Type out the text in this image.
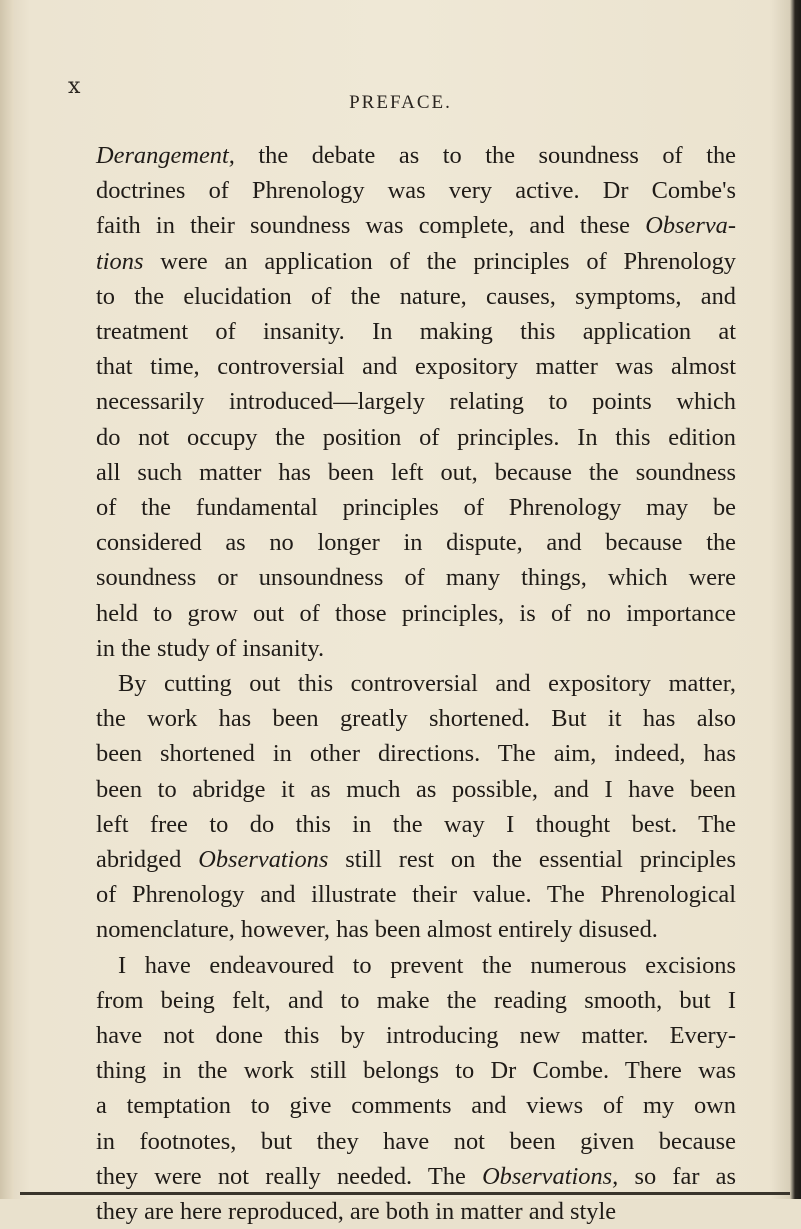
x
PREFACE.
Derangement, the debate as to the soundness of the
doctrines of Phrenology was very active. Dr Combe's
faith in their soundness was complete, and these Observa-
tions were an application of the principles of Phrenology
to the elucidation of the nature, causes, symptoms, and
treatment of insanity. In making this application at
that time, controversial and expository matter was almost
necessarily introduced—largely relating to points which
do not occupy the position of principles. In this edition
all such matter has been left out, because the soundness
of the fundamental principles of Phrenology may be
considered as no longer in dispute, and because the
soundness or unsoundness of many things, which were
held to grow out of those principles, is of no importance
in the study of insanity.
By cutting out this controversial and expository matter,
the work has been greatly shortened. But it has also
been shortened in other directions. The aim, indeed, has
been to abridge it as much as possible, and I have been
left free to do this in the way I thought best. The
abridged Observations still rest on the essential principles
of Phrenology and illustrate their value. The Phrenological
nomenclature, however, has been almost entirely disused.
I have endeavoured to prevent the numerous excisions
from being felt, and to make the reading smooth, but I
have not done this by introducing new matter. Every-
thing in the work still belongs to Dr Combe. There was
a temptation to give comments and views of my own
in footnotes, but they have not been given because
they were not really needed. The Observations, so far as
they are here reproduced, are both in matter and style
